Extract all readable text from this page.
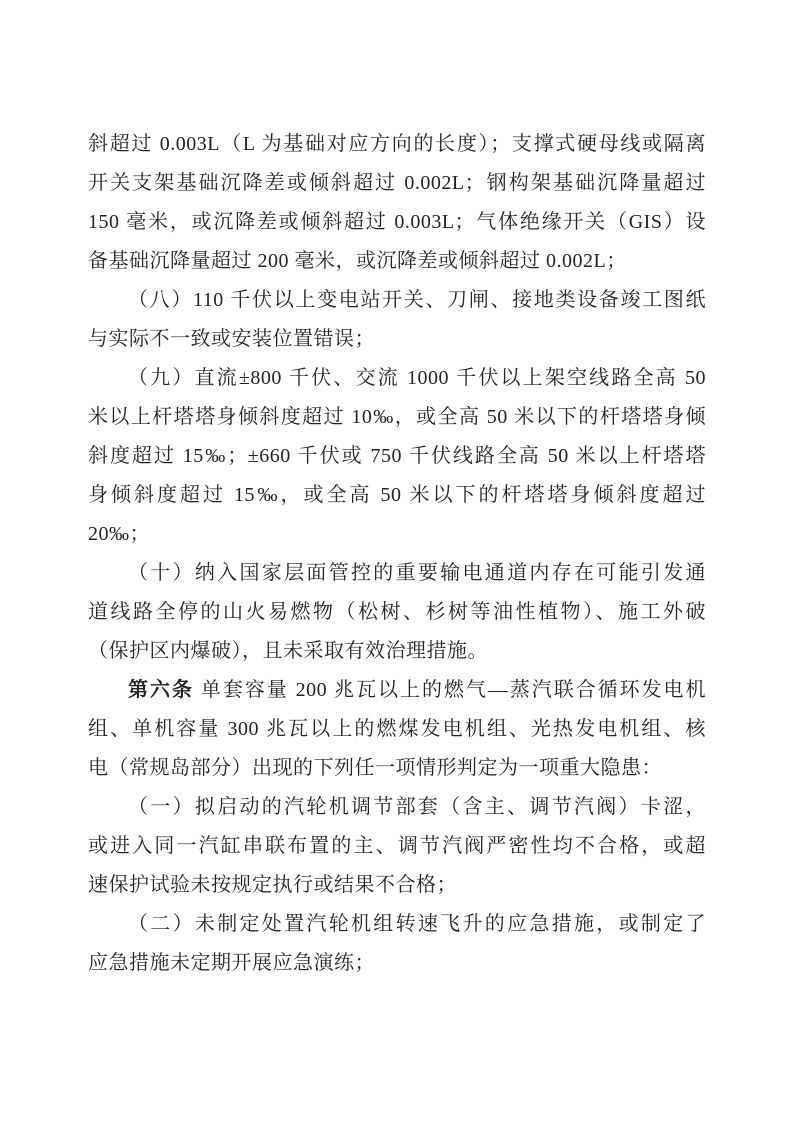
斜超过 0.003L（L 为基础对应方向的长度）；支撑式硬母线或隔离
开关支架基础沉降差或倾斜超过 0.002L；钢构架基础沉降量超过
150 毫米，或沉降差或倾斜超过 0.003L；气体绝缘开关（GIS）设
备基础沉降量超过 200 毫米，或沉降差或倾斜超过 0.002L；
（八）110 千伏以上变电站开关、刀闸、接地类设备竣工图纸
与实际不一致或安装位置错误；
（九）直流±800 千伏、交流 1000 千伏以上架空线路全高 50
米以上杆塔塔身倾斜度超过 10‰，或全高 50 米以下的杆塔塔身倾
斜度超过 15‰；±660 千伏或 750 千伏线路全高 50 米以上杆塔塔
身倾斜度超过 15‰，或全高 50 米以下的杆塔塔身倾斜度超过
20‰；
（十）纳入国家层面管控的重要输电通道内存在可能引发通
道线路全停的山火易燃物（松树、杉树等油性植物）、施工外破
（保护区内爆破），且未采取有效治理措施。
第六条 单套容量 200 兆瓦以上的燃气—蒸汽联合循环发电机
组、单机容量 300 兆瓦以上的燃煤发电机组、光热发电机组、核
电（常规岛部分）出现的下列任一项情形判定为一项重大隐患：
（一）拟启动的汽轮机调节部套（含主、调节汽阀）卡涩，
或进入同一汽缸串联布置的主、调节汽阀严密性均不合格，或超
速保护试验未按规定执行或结果不合格；
（二）未制定处置汽轮机组转速飞升的应急措施，或制定了
应急措施未定期开展应急演练；
